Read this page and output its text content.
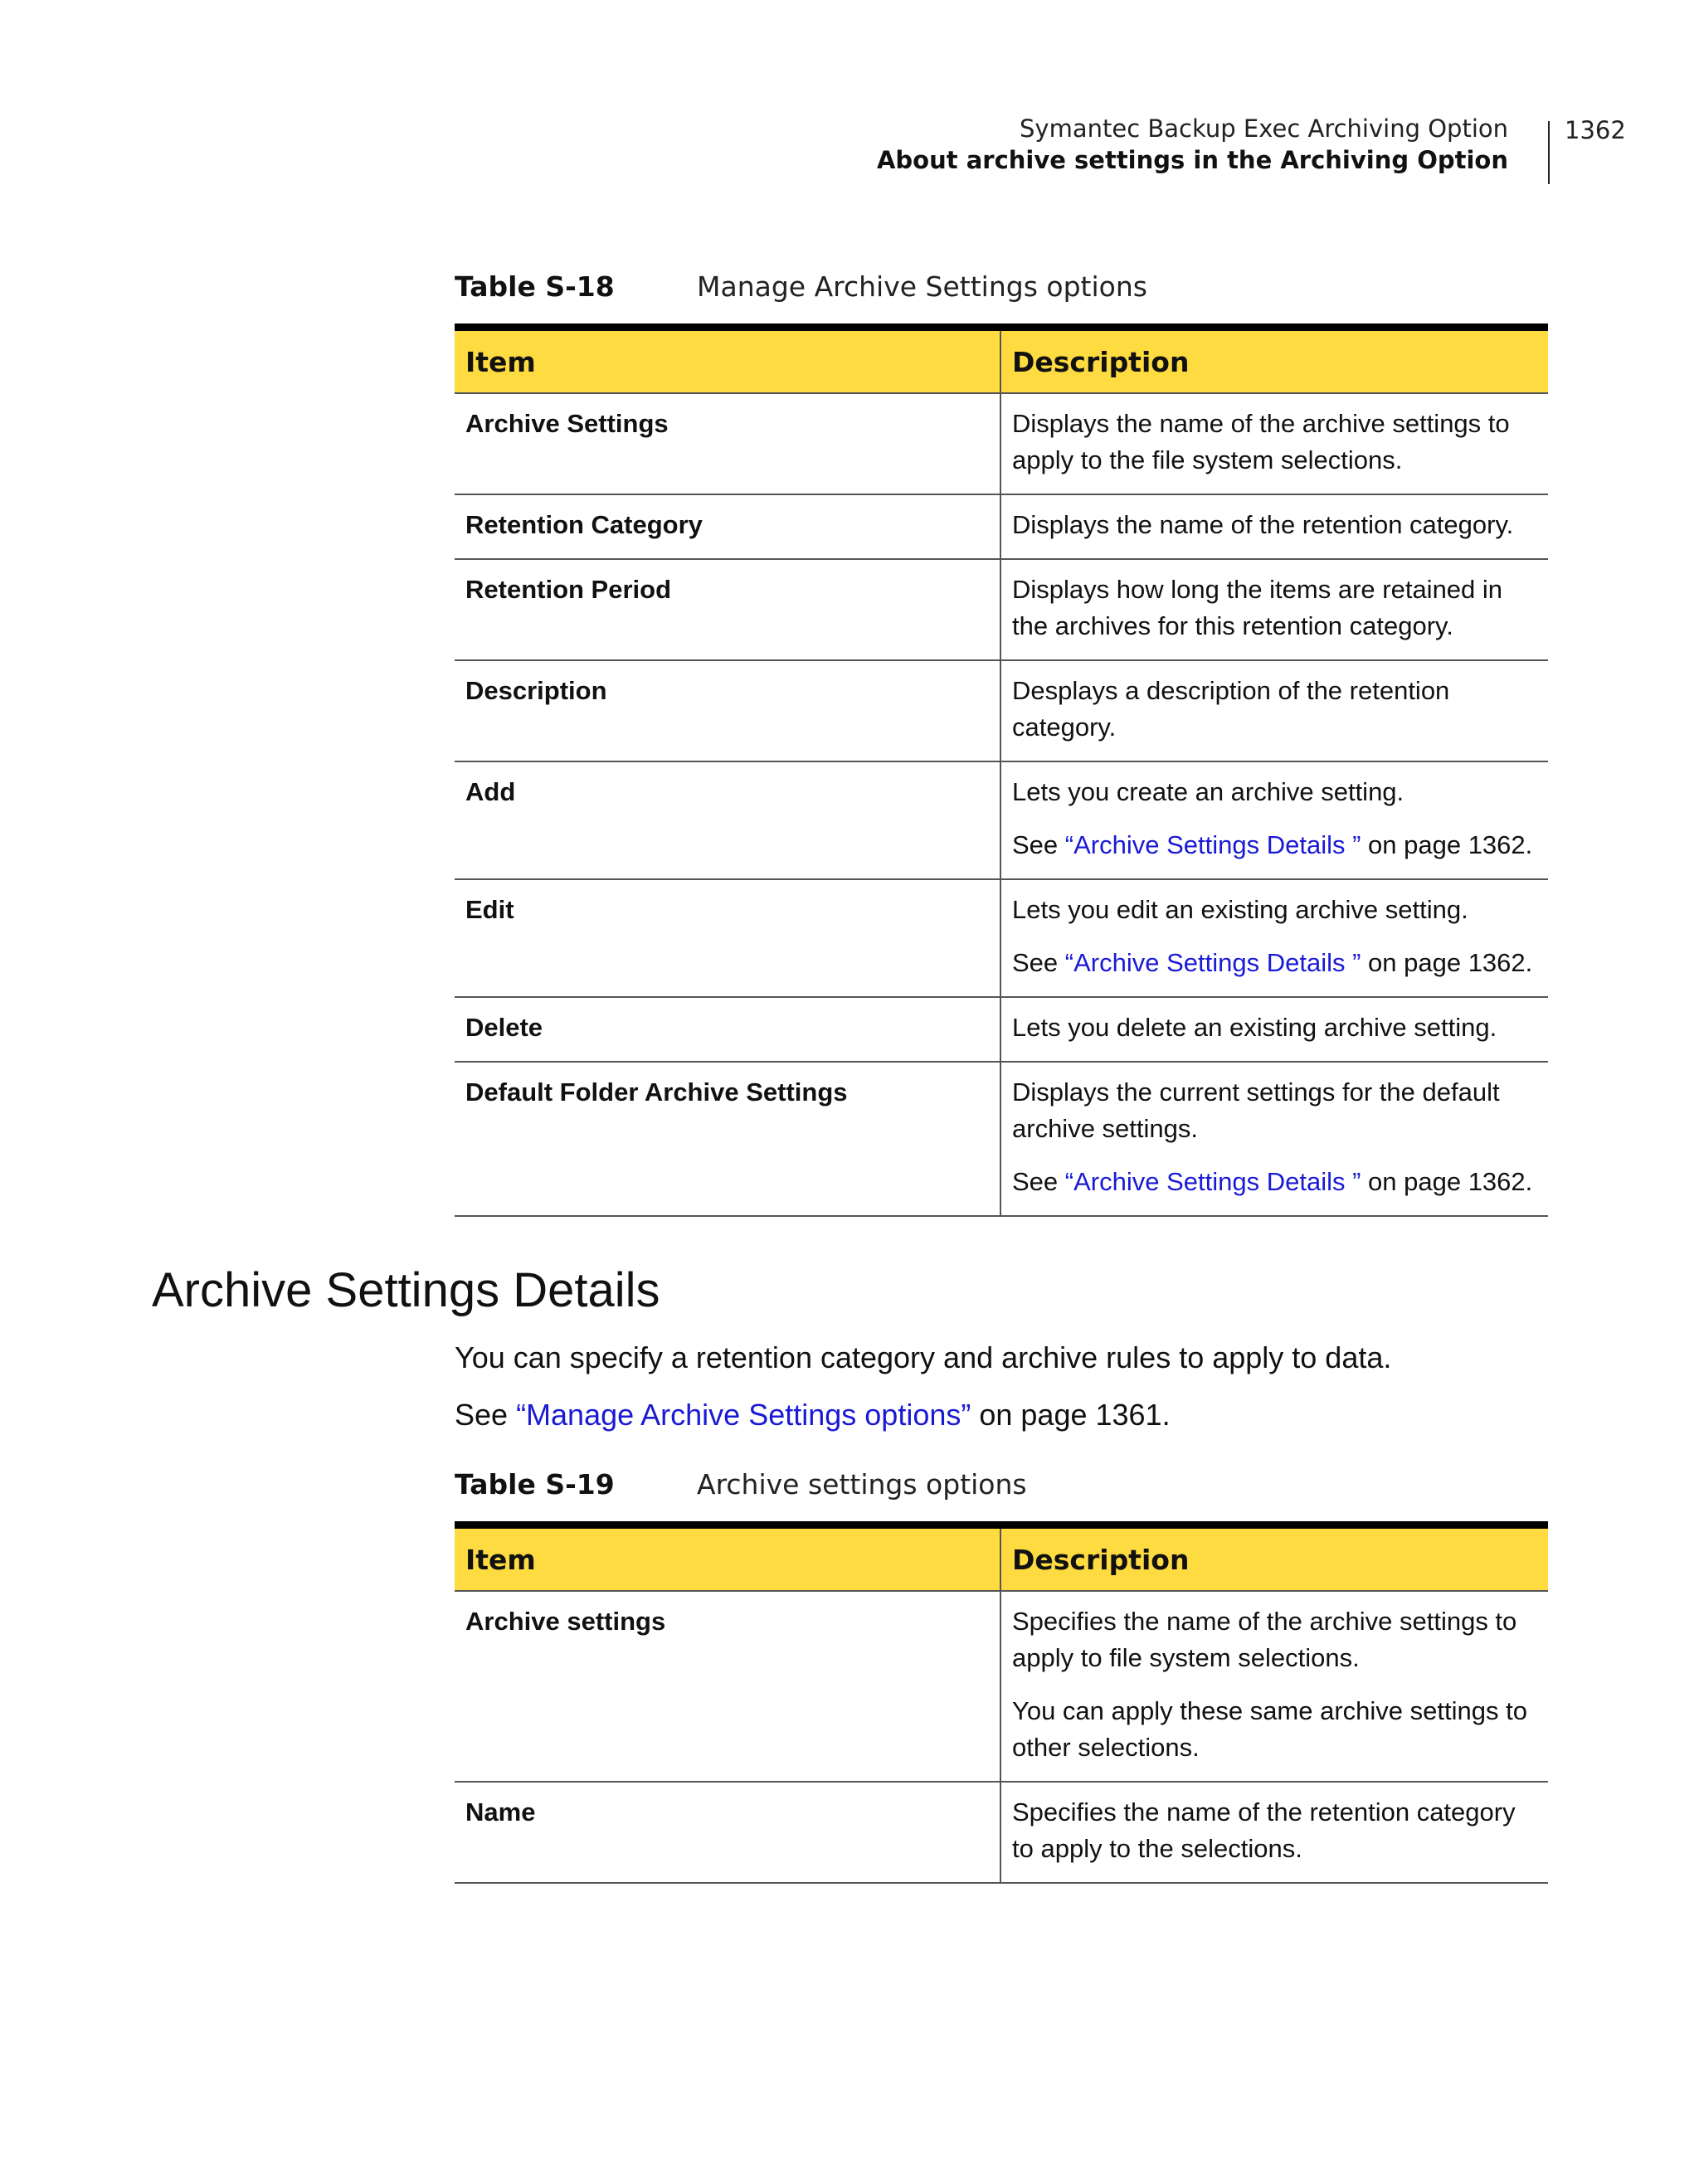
Symantec Backup Exec Archiving Option
About archive settings in the Archiving Option
1362
Table S-18	Manage Archive Settings options
Item	Description
Archive Settings	Displays the name of the archive settings to apply to the file system selections.

Retention Category	Displays the name of the retention category.

Retention Period	Displays how long the items are retained in the archives for this retention category.

Description	Desplays a description of the retention category.

Add	Lets you create an archive setting.

See “Archive Settings Details ” on page 1362.

Edit	Lets you edit an existing archive setting.

See “Archive Settings Details ” on page 1362.

Delete	Lets you delete an existing archive setting.

Default Folder Archive Settings	Displays the current settings for the default archive settings.

See “Archive Settings Details ” on page 1362.

Archive Settings Details

You can specify a retention category and archive rules to apply to data.

See “Manage Archive Settings options” on page 1361.

Table S-19	Archive settings options
Item	Description
Archive settings	Specifies the name of the archive settings to apply to file system selections.

You can apply these same archive settings to other selections.

Name	Specifies the name of the retention category to apply to the selections.
